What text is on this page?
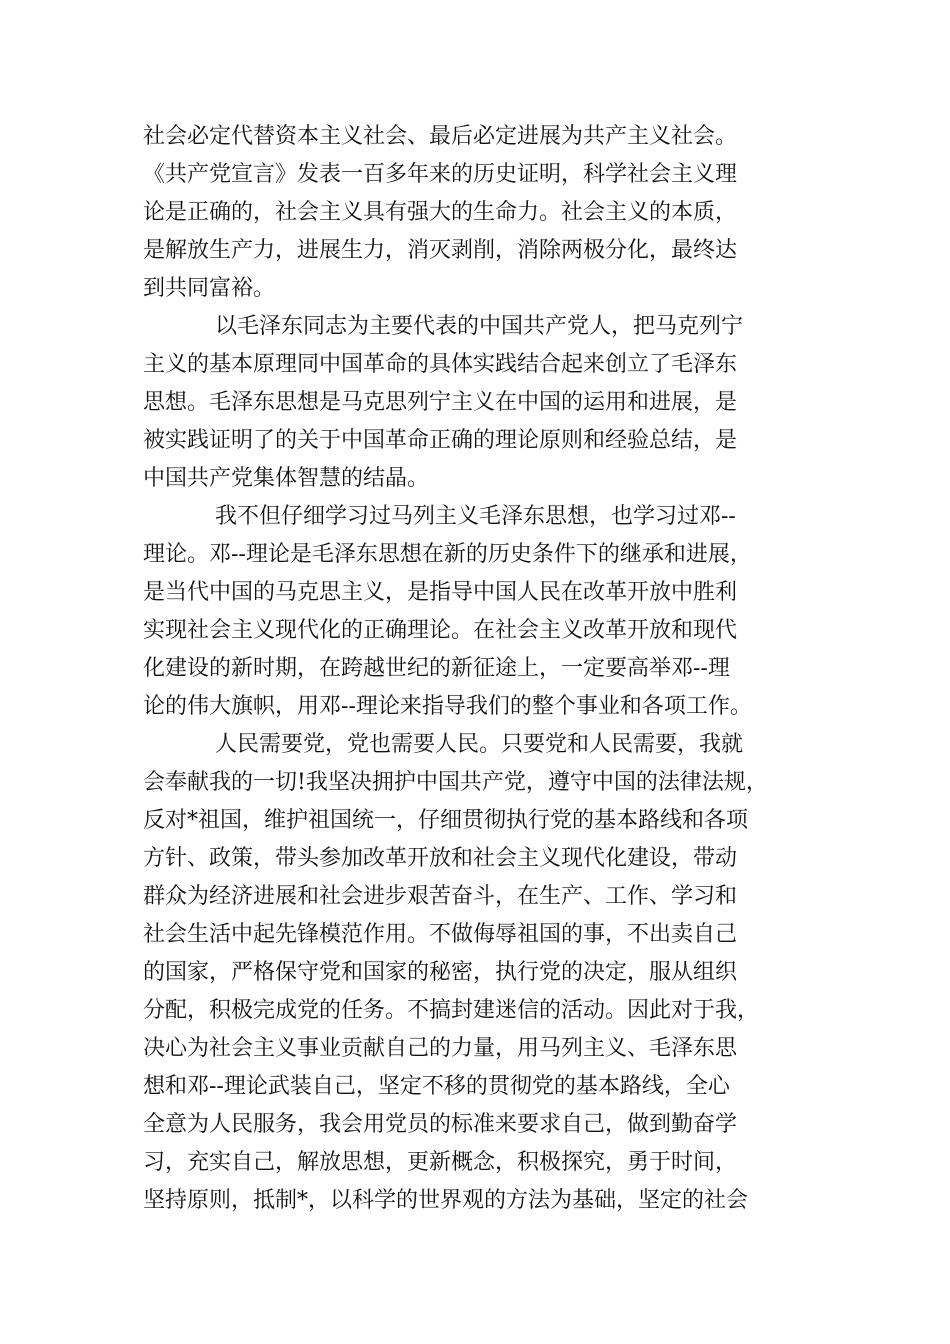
社会必定代替资本主义社会、最后必定进展为共产主义社会。
《共产党宣言》发表一百多年来的历史证明，科学社会主义理
论是正确的，社会主义具有强大的生命力。社会主义的本质，
是解放生产力，进展生力，消灭剥削，消除两极分化，最终达
到共同富裕。
以毛泽东同志为主要代表的中国共产党人，把马克列宁
主义的基本原理同中国革命的具体实践结合起来创立了毛泽东
思想。毛泽东思想是马克思列宁主义在中国的运用和进展，是
被实践证明了的关于中国革命正确的理论原则和经验总结，是
中国共产党集体智慧的结晶。
我不但仔细学习过马列主义毛泽东思想，也学习过邓--
理论。邓--理论是毛泽东思想在新的历史条件下的继承和进展，
是当代中国的马克思主义，是指导中国人民在改革开放中胜利
实现社会主义现代化的正确理论。在社会主义改革开放和现代
化建设的新时期，在跨越世纪的新征途上，一定要高举邓--理
论的伟大旗帜，用邓--理论来指导我们的整个事业和各项工作。
人民需要党，党也需要人民。只要党和人民需要，我就
会奉献我的一切!我坚决拥护中国共产党，遵守中国的法律法规，
反对*祖国，维护祖国统一，仔细贯彻执行党的基本路线和各项
方针、政策，带头参加改革开放和社会主义现代化建设，带动
群众为经济进展和社会进步艰苦奋斗，在生产、工作、学习和
社会生活中起先锋模范作用。不做侮辱祖国的事，不出卖自己
的国家，严格保守党和国家的秘密，执行党的决定，服从组织
分配，积极完成党的任务。不搞封建迷信的活动。因此对于我，
决心为社会主义事业贡献自己的力量，用马列主义、毛泽东思
想和邓--理论武装自己，坚定不移的贯彻党的基本路线，全心
全意为人民服务，我会用党员的标准来要求自己，做到勤奋学
习，充实自己，解放思想，更新概念，积极探究，勇于时间，
坚持原则，抵制*，以科学的世界观的方法为基础，坚定的社会
